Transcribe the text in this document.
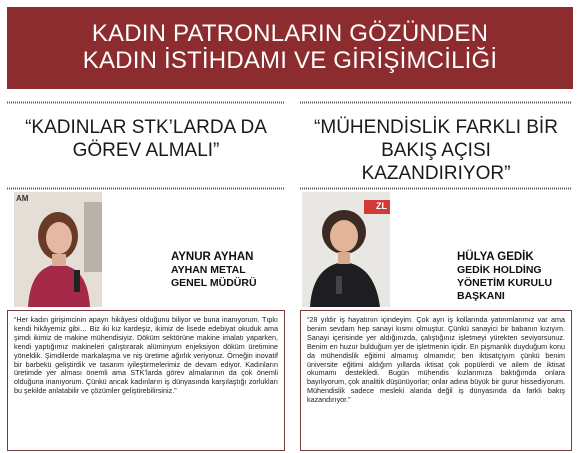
KADIN PATRONLARIN GÖZÜNDEN
KADIN İSTİHDAMI VE GİRİŞİMCİLİĞİ
“KADINLAR STK’LARDA DA
GÖREV ALMALI”
AM
AYNUR AYHAN
AYHAN METAL
GENEL MÜDÜRÜ

“Her kadın girişimcinin apayrı hikâyesi olduğunu biliyor ve buna inanıyorum. Tıpkı kendi hikâyemiz gibi… Biz iki kız kardeşiz, ikimiz de lisede edebiyat okuduk ama şimdi ikimiz de makine mühendisiyiz. Döküm sektörüne makine imalatı yaparken, kendi yaptığımız makineleri çalıştırarak alüminyum enjeksiyon döküm üretimine yöneldik. Şimdilerde markalaşma ve niş üretime ağırlık veriyoruz. Örneğin inovatif bir barbekü geliştirdik ve tasarım iyileştirmelerimiz de devam ediyor. Kadınların üretimde yer alması önemli ama STK’larda görev almalarının da çok önemli olduğuna inanıyorum. Çünkü ancak kadınların iş dünyasında karşılaştığı zorlukları bu şekilde anlatabilir ve çözümler geliştirebilirsiniz.”

“MÜHENDİSLİK FARKLI BİR
BAKIŞ AÇISI KAZANDIRIYOR”
ZL
HÜLYA GEDİK
GEDİK HOLDİNG
YÖNETİM KURULU BAŞKANI

“28 yıldır iş hayatının içindeyim. Çok ayrı iş kollarında yatırımlarımız var ama benim sevdam hep sanayi kısmı olmuştur. Çünkü sanayici bir babanın kızıyım. Sanayi içerisinde yer aldığınızda, çalıştığınız işletmeyi yürekten seviyorsunuz. Benim en huzur bulduğum yer de işletmenin içidir. En pişmanlık duyduğum konu da mühendislik eğitimi almamış olmamdır; ben iktisatçıyım çünkü benim üniversite eğitimi aldığım yıllarda iktisat çok popülerdi ve ailem de iktisat okumamı destekledi. Bugün mühendis kızlarımıza baktığımda onlara bayılıyorum, çok analitik düşünüyorlar; onlar adına büyük bir gurur hissediyorum. Mühendislik sadece mesleki alanda değil iş dünyasında da farklı bakış kazandırıyor.”
